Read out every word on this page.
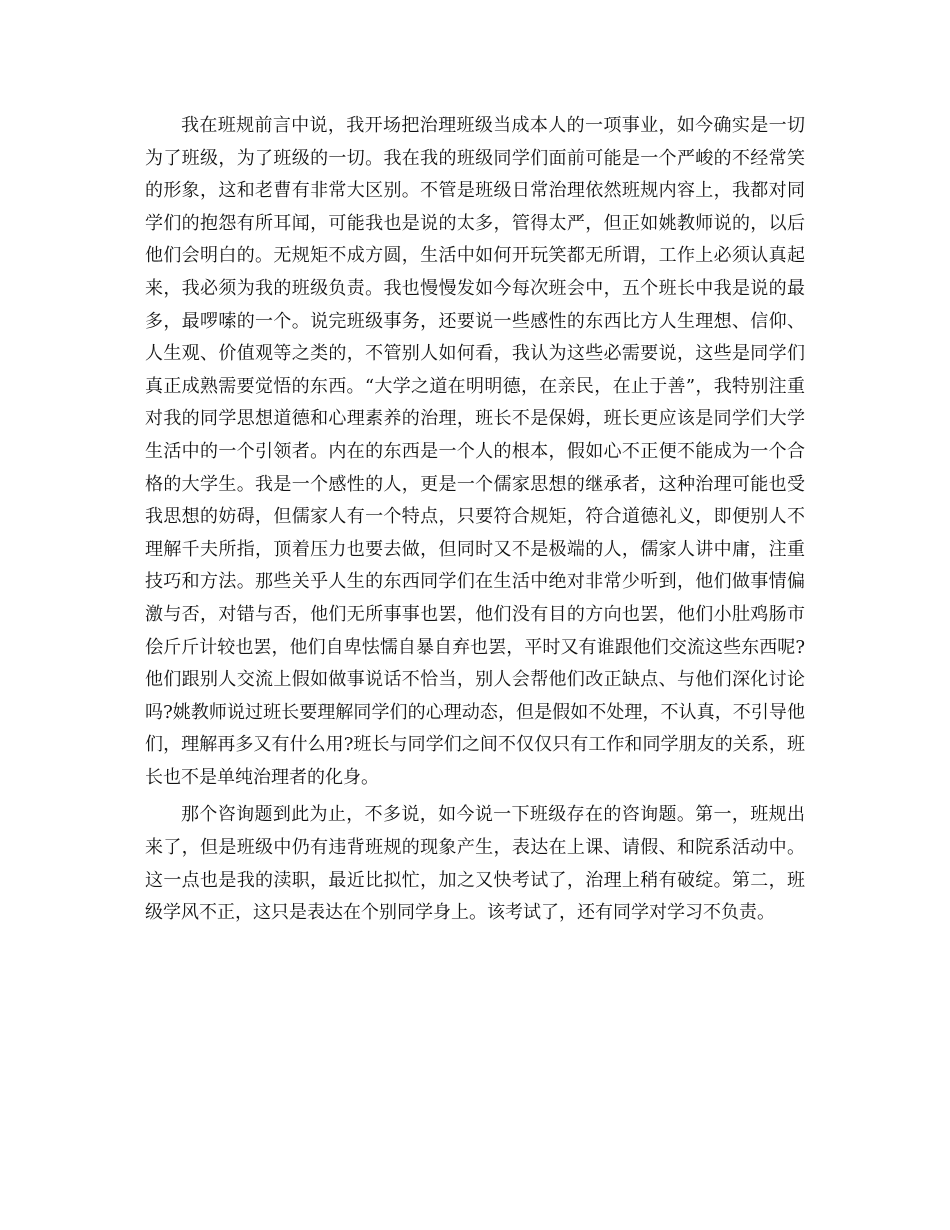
我在班规前言中说，我开场把治理班级当成本人的一项事业，如今确实是一切为了班级，为了班级的一切。我在我的班级同学们面前可能是一个严峻的不经常笑的形象，这和老曹有非常大区别。不管是班级日常治理依然班规内容上，我都对同学们的抱怨有所耳闻，可能我也是说的太多，管得太严，但正如姚教师说的，以后他们会明白的。无规矩不成方圆，生活中如何开玩笑都无所谓，工作上必须认真起来，我必须为我的班级负责。我也慢慢发如今每次班会中，五个班长中我是说的最多，最啰嗦的一个。说完班级事务，还要说一些感性的东西比方人生理想、信仰、人生观、价值观等之类的，不管别人如何看，我认为这些必需要说，这些是同学们真正成熟需要觉悟的东西。“大学之道在明明德，在亲民，在止于善”，我特别注重对我的同学思想道德和心理素养的治理，班长不是保姆，班长更应该是同学们大学生活中的一个引领者。内在的东西是一个人的根本，假如心不正便不能成为一个合格的大学生。我是一个感性的人，更是一个儒家思想的继承者，这种治理可能也受我思想的妨碍，但儒家人有一个特点，只要符合规矩，符合道德礼义，即便别人不理解千夫所指，顶着压力也要去做，但同时又不是极端的人，儒家人讲中庸，注重技巧和方法。那些关乎人生的东西同学们在生活中绝对非常少听到，他们做事情偏激与否，对错与否，他们无所事事也罢，他们没有目的方向也罢，他们小肚鸡肠市侩斤斤计较也罢，他们自卑怯懦自暴自弃也罢，平时又有谁跟他们交流这些东西呢?他们跟别人交流上假如做事说话不恰当，别人会帮他们改正缺点、与他们深化讨论吗?姚教师说过班长要理解同学们的心理动态，但是假如不处理，不认真，不引导他们，理解再多又有什么用?班长与同学们之间不仅仅只有工作和同学朋友的关系，班长也不是单纯治理者的化身。

那个咨询题到此为止，不多说，如今说一下班级存在的咨询题。第一，班规出来了，但是班级中仍有违背班规的现象产生，表达在上课、请假、和院系活动中。这一点也是我的渎职，最近比拟忙，加之又快考试了，治理上稍有破绽。第二，班级学风不正，这只是表达在个别同学身上。该考试了，还有同学对学习不负责。
